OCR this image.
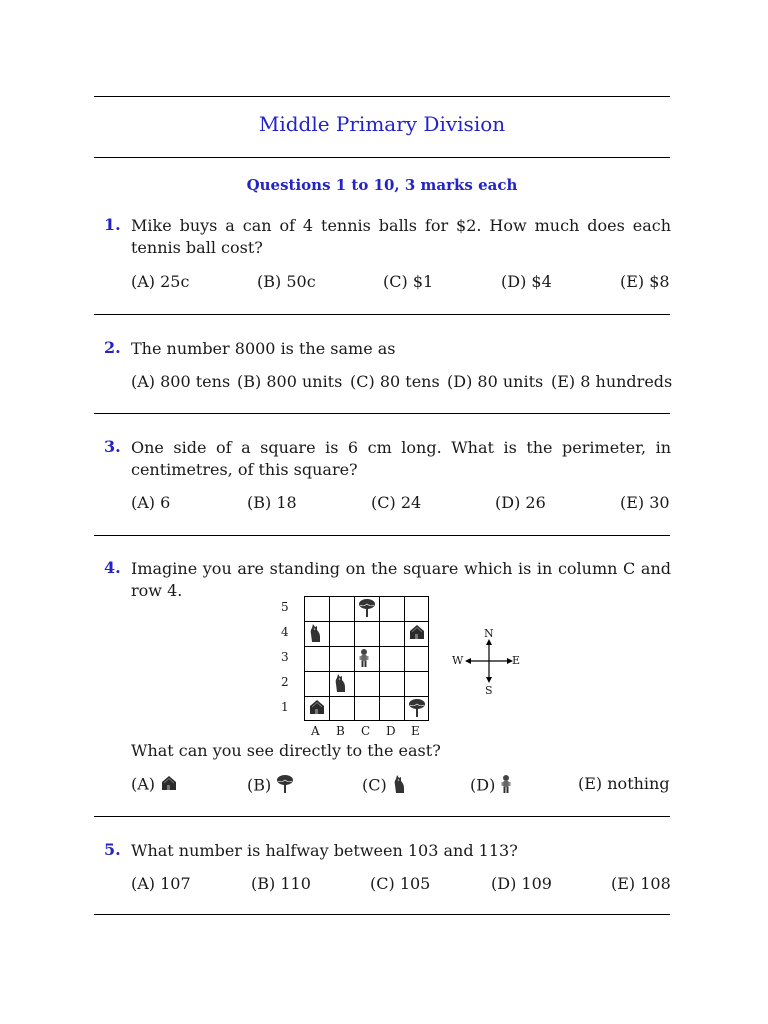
Middle Primary Division
Questions 1 to 10, 3 marks each
1. Mike buys a can of 4 tennis balls for $2. How much does each tennis ball cost?
(A) 25c	(B) 50c	(C) $1	(D) $4	(E) $8
2. The number 8000 is the same as
(A) 800 tens (B) 800 units (C) 80 tens (D) 80 units (E) 8 hundreds
3. One side of a square is 6 cm long. What is the perimeter, in centimetres, of this square?
(A) 6	(B) 18	(C) 24	(D) 26	(E) 30
4. Imagine you are standing on the square which is in column C and row 4.
5
4
3
2
1
A B C D E
N
S
W	E
What can you see directly to the east?
(A)	(B)	(C)	(D)	(E) nothing
5. What number is halfway between 103 and 113?
(A) 107	(B) 110	(C) 105	(D) 109	(E) 108
